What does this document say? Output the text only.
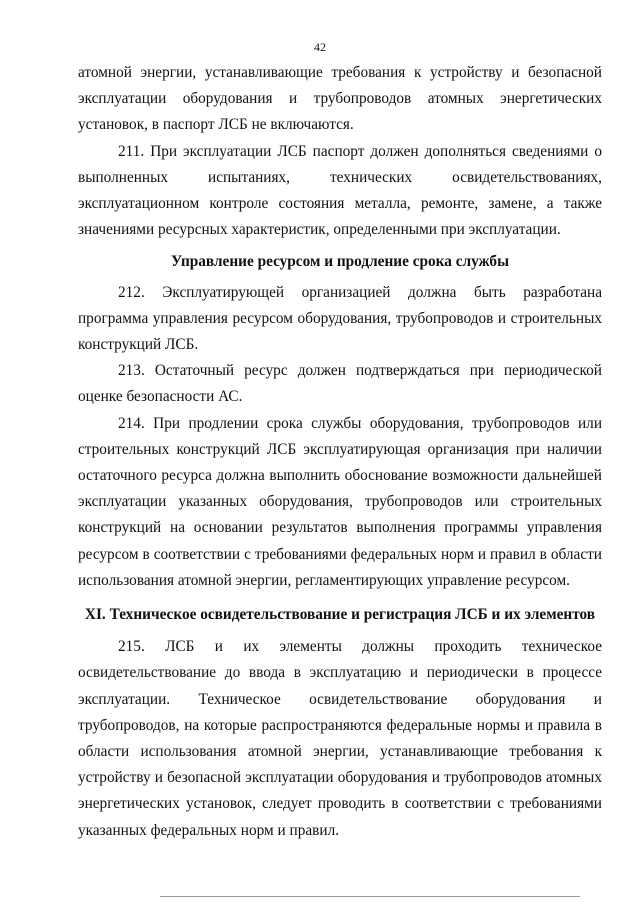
42

атомной энергии, устанавливающие требования к устройству и безопасной эксплуатации оборудования и трубопроводов атомных энергетических установок, в паспорт ЛСБ не включаются.

211. При эксплуатации ЛСБ паспорт должен дополняться сведениями о выполненных испытаниях, технических освидетельствованиях, эксплуатационном контроле состояния металла, ремонте, замене, а также значениями ресурсных характеристик, определенными при эксплуатации.

Управление ресурсом и продление срока службы

212. Эксплуатирующей организацией должна быть разработана программа управления ресурсом оборудования, трубопроводов и строительных конструкций ЛСБ.

213. Остаточный ресурс должен подтверждаться при периодической оценке безопасности АС.

214. При продлении срока службы оборудования, трубопроводов или строительных конструкций ЛСБ эксплуатирующая организация при наличии остаточного ресурса должна выполнить обоснование возможности дальнейшей эксплуатации указанных оборудования, трубопроводов или строительных конструкций на основании результатов выполнения программы управления ресурсом в соответствии с требованиями федеральных норм и правил в области использования атомной энергии, регламентирующих управление ресурсом.

XI. Техническое освидетельствование и регистрация ЛСБ и их элементов

215. ЛСБ и их элементы должны проходить техническое освидетельствование до ввода в эксплуатацию и периодически в процессе эксплуатации. Техническое освидетельствование оборудования и трубопроводов, на которые распространяются федеральные нормы и правила в области использования атомной энергии, устанавливающие требования к устройству и безопасной эксплуатации оборудования и трубопроводов атомных энергетических установок, следует проводить в соответствии с требованиями указанных федеральных норм и правил.
